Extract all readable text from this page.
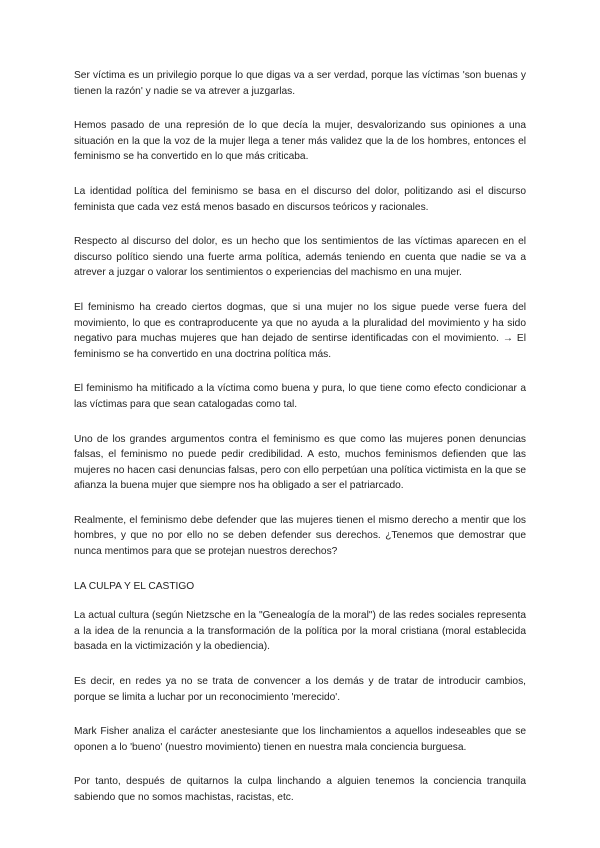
Ser víctima es un privilegio porque lo que digas va a ser verdad, porque las víctimas 'son buenas y tienen la razón' y nadie se va atrever a juzgarlas.

Hemos pasado de una represión de lo que decía la mujer, desvalorizando sus opiniones a una situación en la que la voz de la mujer llega a tener más validez que la de los hombres, entonces el feminismo se ha convertido en lo que más criticaba.

La identidad política del feminismo se basa en el discurso del dolor, politizando asi el discurso feminista que cada vez está menos basado en discursos teóricos y racionales.

Respecto al discurso del dolor, es un hecho que los sentimientos de las víctimas aparecen en el discurso político siendo una fuerte arma política, además teniendo en cuenta que nadie se va a atrever a juzgar o valorar los sentimientos o experiencias del machismo en una mujer.

El feminismo ha creado ciertos dogmas, que si una mujer no los sigue puede verse fuera del movimiento, lo que es contraproducente ya que no ayuda a la pluralidad del movimiento y ha sido negativo para muchas mujeres que han dejado de sentirse identificadas con el movimiento. → El feminismo se ha convertido en una doctrina política más.

El feminismo ha mitificado a la víctima como buena y pura, lo que tiene como efecto condicionar a las víctimas para que sean catalogadas como tal.

Uno de los grandes argumentos contra el feminismo es que como las mujeres ponen denuncias falsas, el feminismo no puede pedir credibilidad. A esto, muchos feminismos defienden que las mujeres no hacen casi denuncias falsas, pero con ello perpetúan una política victimista en la que se afianza la buena mujer que siempre nos ha obligado a ser el patriarcado.

Realmente, el feminismo debe defender que las mujeres tienen el mismo derecho a mentir que los hombres, y que no por ello no se deben defender sus derechos. ¿Tenemos que demostrar que nunca mentimos para que se protejan nuestros derechos?

LA CULPA Y EL CASTIGO

La actual cultura (según Nietzsche en la "Genealogía de la moral") de las redes sociales representa a la idea de la renuncia a la transformación de la política por la moral cristiana (moral establecida basada en la victimización y la obediencia).

Es decir, en redes ya no se trata de convencer a los demás y de tratar de introducir cambios, porque se limita a luchar por un reconocimiento 'merecido'.

Mark Fisher analiza el carácter anestesiante que los linchamientos a aquellos indeseables que se oponen a lo 'bueno' (nuestro movimiento) tienen en nuestra mala conciencia burguesa.

Por tanto, después de quitarnos la culpa linchando a alguien tenemos la conciencia tranquila sabiendo que no somos machistas, racistas, etc.
